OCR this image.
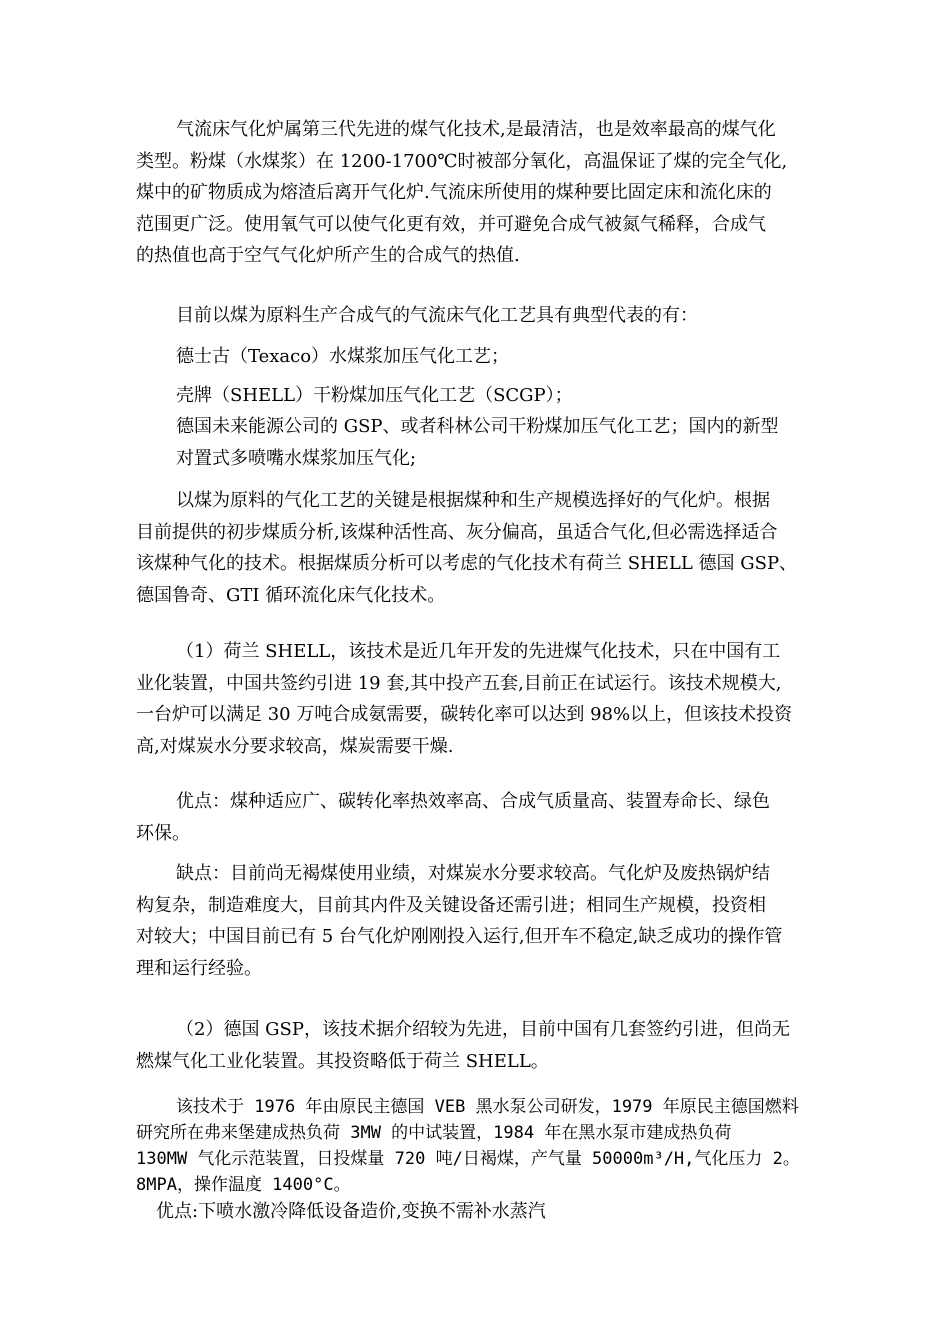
气流床气化炉属第三代先进的煤气化技术,是最清洁，也是效率最高的煤气化
类型。粉煤（水煤浆）在 1200-1700℃时被部分氧化，高温保证了煤的完全气化,
煤中的矿物质成为熔渣后离开气化炉.气流床所使用的煤种要比固定床和流化床的
范围更广泛。使用氧气可以使气化更有效，并可避免合成气被氮气稀释，合成气
的热值也高于空气气化炉所产生的合成气的热值.
目前以煤为原料生产合成气的气流床气化工艺具有典型代表的有：
德士古（Texaco）水煤浆加压气化工艺；
壳牌（SHELL）干粉煤加压气化工艺（SCGP）；
德国未来能源公司的 GSP、或者科林公司干粉煤加压气化工艺；国内的新型
对置式多喷嘴水煤浆加压气化;
以煤为原料的气化工艺的关键是根据煤种和生产规模选择好的气化炉。根据
目前提供的初步煤质分析,该煤种活性高、灰分偏高，虽适合气化,但必需选择适合
该煤种气化的技术。根据煤质分析可以考虑的气化技术有荷兰 SHELL 德国 GSP、
德国鲁奇、GTI 循环流化床气化技术。
（1）荷兰 SHELL，该技术是近几年开发的先进煤气化技术，只在中国有工
业化装置，中国共签约引进 19 套,其中投产五套,目前正在试运行。该技术规模大,
一台炉可以满足 30 万吨合成氨需要，碳转化率可以达到 98%以上，但该技术投资
高,对煤炭水分要求较高，煤炭需要干燥.
优点：煤种适应广、碳转化率热效率高、合成气质量高、装置寿命长、绿色
环保。
缺点：目前尚无褐煤使用业绩，对煤炭水分要求较高。气化炉及废热锅炉结
构复杂，制造难度大，目前其内件及关键设备还需引进；相同生产规模，投资相
对较大；中国目前已有 5 台气化炉刚刚投入运行,但开车不稳定,缺乏成功的操作管
理和运行经验。
（2）德国 GSP，该技术据介绍较为先进，目前中国有几套签约引进，但尚无
燃煤气化工业化装置。其投资略低于荷兰 SHELL。
该技术于 1976 年由原民主德国 VEB 黑水泵公司研发，1979 年原民主德国燃料
研究所在弗来堡建成热负荷 3MW 的中试装置，1984 年在黑水泵市建成热负荷
130MW 气化示范装置，日投煤量 720 吨/日褐煤，产气量 50000m³/H,气化压力 2。
8MPA，操作温度 1400°C。
优点:下喷水激冷降低设备造价,变换不需补水蒸汽
